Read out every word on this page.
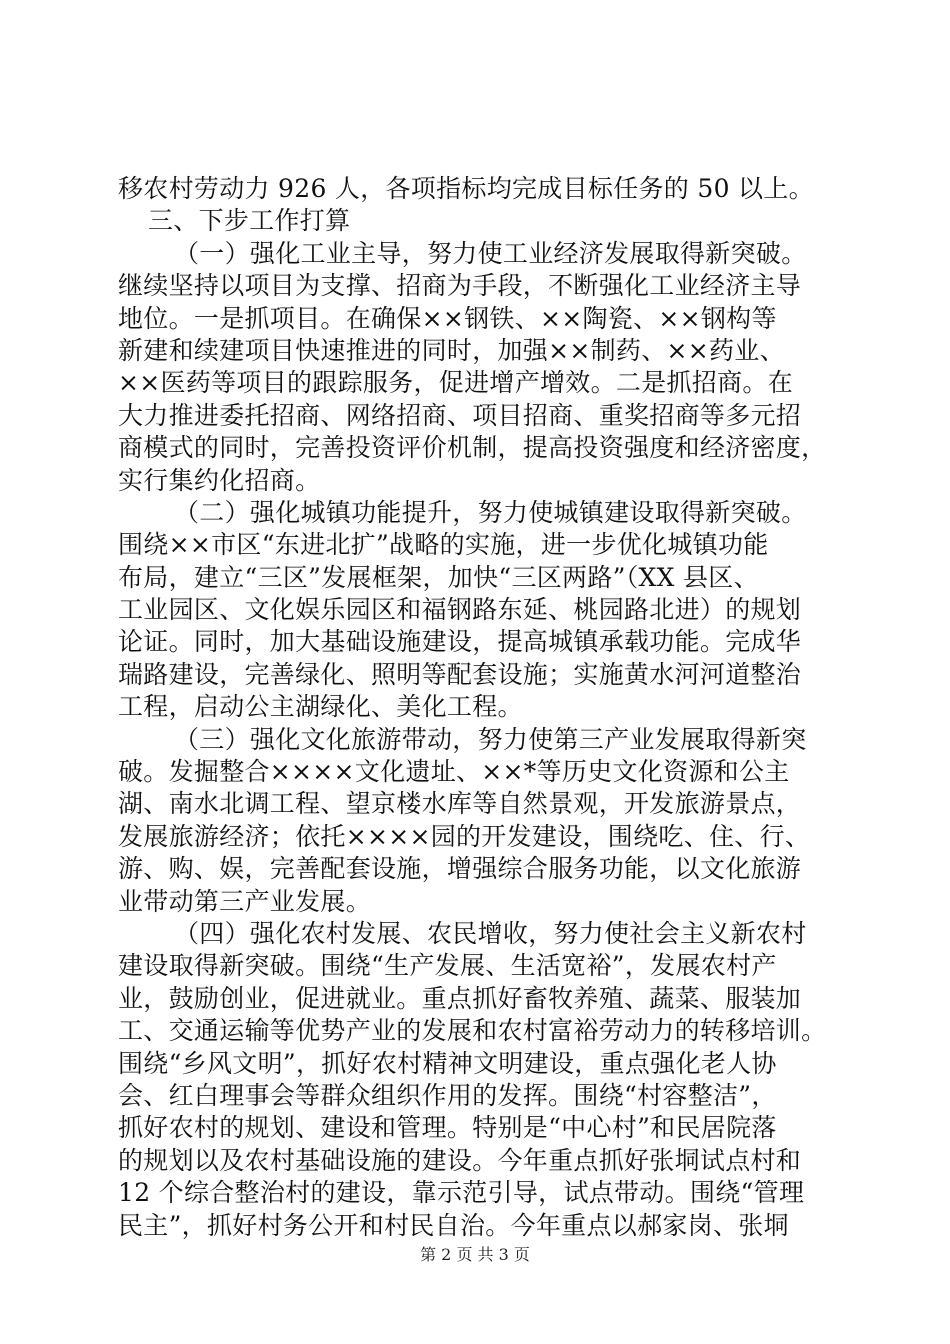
移农村劳动力 926 人，各项指标均完成目标任务的 50 以上。
三、下步工作打算
（一）强化工业主导，努力使工业经济发展取得新突破。
继续坚持以项目为支撑、招商为手段，不断强化工业经济主导
地位。一是抓项目。在确保××钢铁、××陶瓷、××钢构等
新建和续建项目快速推进的同时，加强××制药、××药业、
××医药等项目的跟踪服务，促进增产增效。二是抓招商。在
大力推进委托招商、网络招商、项目招商、重奖招商等多元招
商模式的同时，完善投资评价机制，提高投资强度和经济密度，
实行集约化招商。
（二）强化城镇功能提升，努力使城镇建设取得新突破。
围绕××市区“东进北扩”战略的实施，进一步优化城镇功能
布局，建立“三区”发展框架，加快“三区两路”（XX 县区、
工业园区、文化娱乐园区和福钢路东延、桃园路北进）的规划
论证。同时，加大基础设施建设，提高城镇承载功能。完成华
瑞路建设，完善绿化、照明等配套设施；实施黄水河河道整治
工程，启动公主湖绿化、美化工程。
（三）强化文化旅游带动，努力使第三产业发展取得新突
破。发掘整合××××文化遗址、××*等历史文化资源和公主
湖、南水北调工程、望京楼水库等自然景观，开发旅游景点，
发展旅游经济；依托××××园的开发建设，围绕吃、住、行、
游、购、娱，完善配套设施，增强综合服务功能，以文化旅游
业带动第三产业发展。
（四）强化农村发展、农民增收，努力使社会主义新农村
建设取得新突破。围绕“生产发展、生活宽裕”，发展农村产
业，鼓励创业，促进就业。重点抓好畜牧养殖、蔬菜、服装加
工、交通运输等优势产业的发展和农村富裕劳动力的转移培训。
围绕“乡风文明”，抓好农村精神文明建设，重点强化老人协
会、红白理事会等群众组织作用的发挥。围绕“村容整洁”，
抓好农村的规划、建设和管理。特别是“中心村”和民居院落
的规划以及农村基础设施的建设。今年重点抓好张垌试点村和
12 个综合整治村的建设，靠示范引导，试点带动。围绕“管理
民主”，抓好村务公开和村民自治。今年重点以郝家岗、张垌
第 2 页 共 3 页
